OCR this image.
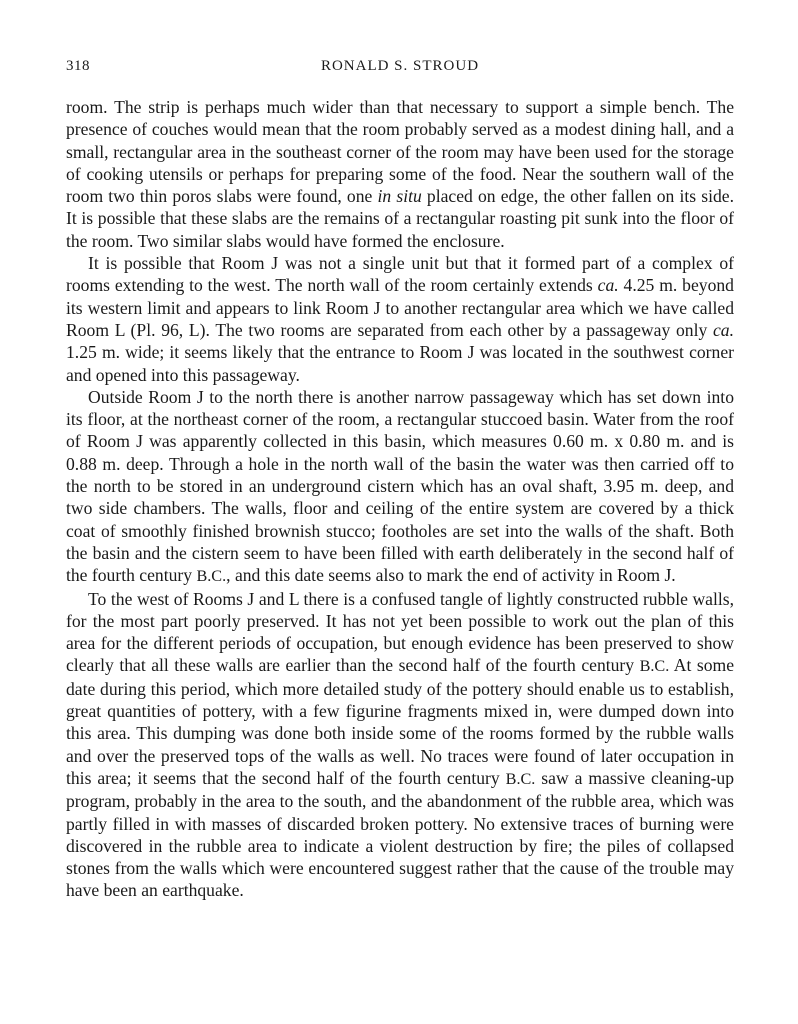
318	RONALD S. STROUD

room. The strip is perhaps much wider than that necessary to support a simple bench. The presence of couches would mean that the room probably served as a modest dining hall, and a small, rectangular area in the southeast corner of the room may have been used for the storage of cooking utensils or perhaps for preparing some of the food. Near the southern wall of the room two thin poros slabs were found, one in situ placed on edge, the other fallen on its side. It is possible that these slabs are the remains of a rectangular roasting pit sunk into the floor of the room. Two similar slabs would have formed the enclosure.

It is possible that Room J was not a single unit but that it formed part of a complex of rooms extending to the west. The north wall of the room certainly extends ca. 4.25 m. beyond its western limit and appears to link Room J to another rectangular area which we have called Room L (Pl. 96, L). The two rooms are separated from each other by a passageway only ca. 1.25 m. wide; it seems likely that the entrance to Room J was located in the southwest corner and opened into this passageway.

Outside Room J to the north there is another narrow passageway which has set down into its floor, at the northeast corner of the room, a rectangular stuccoed basin. Water from the roof of Room J was apparently collected in this basin, which measures 0.60 m. x 0.80 m. and is 0.88 m. deep. Through a hole in the north wall of the basin the water was then carried off to the north to be stored in an underground cistern which has an oval shaft, 3.95 m. deep, and two side chambers. The walls, floor and ceiling of the entire system are covered by a thick coat of smoothly finished brownish stucco; footholes are set into the walls of the shaft. Both the basin and the cistern seem to have been filled with earth deliberately in the second half of the fourth century B.C., and this date seems also to mark the end of activity in Room J.

To the west of Rooms J and L there is a confused tangle of lightly constructed rubble walls, for the most part poorly preserved. It has not yet been possible to work out the plan of this area for the different periods of occupation, but enough evidence has been preserved to show clearly that all these walls are earlier than the second half of the fourth century B.C. At some date during this period, which more detailed study of the pottery should enable us to establish, great quantities of pottery, with a few figurine fragments mixed in, were dumped down into this area. This dumping was done both inside some of the rooms formed by the rubble walls and over the preserved tops of the walls as well. No traces were found of later occupation in this area; it seems that the second half of the fourth century B.C. saw a massive cleaning-up program, probably in the area to the south, and the abandonment of the rubble area, which was partly filled in with masses of discarded broken pottery. No extensive traces of burning were discovered in the rubble area to indicate a violent destruction by fire; the piles of collapsed stones from the walls which were encountered suggest rather that the cause of the trouble may have been an earthquake.
